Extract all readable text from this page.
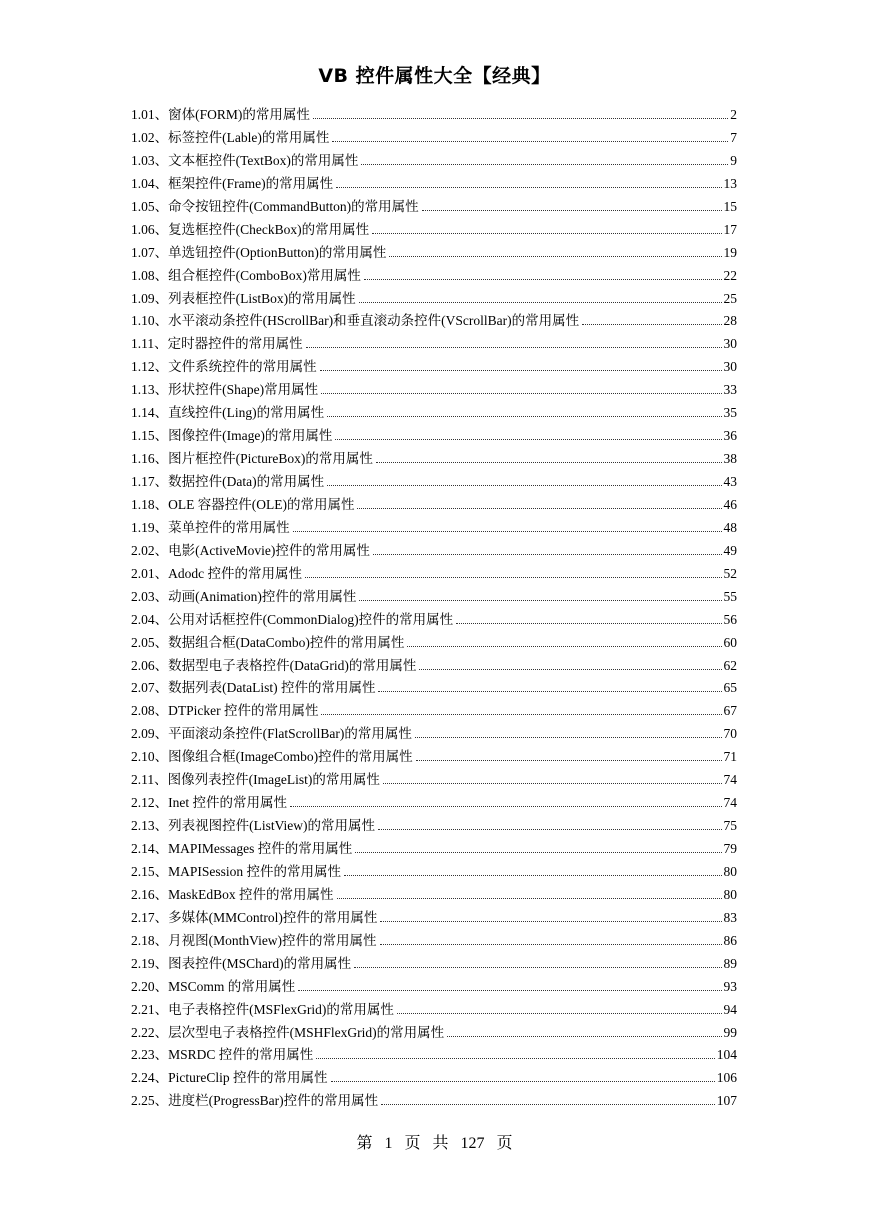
VB 控件属性大全【经典】
1.01、窗体(FORM)的常用属性	2
1.02、标签控件(Lable)的常用属性	7
1.03、文本框控件(TextBox)的常用属性	9
1.04、框架控件(Frame)的常用属性	13
1.05、命令按钮控件(CommandButton)的常用属性	15
1.06、复选框控件(CheckBox)的常用属性	17
1.07、单选钮控件(OptionButton)的常用属性	19
1.08、组合框控件(ComboBox)常用属性	22
1.09、列表框控件(ListBox)的常用属性	25
1.10、水平滚动条控件(HScrollBar)和垂直滚动条控件(VScrollBar)的常用属性	28
1.11、定时器控件的常用属性	30
1.12、文件系统控件的常用属性	30
1.13、形状控件(Shape)常用属性	33
1.14、直线控件(Ling)的常用属性	35
1.15、图像控件(Image)的常用属性	36
1.16、图片框控件(PictureBox)的常用属性	38
1.17、数据控件(Data)的常用属性	43
1.18、OLE 容器控件(OLE)的常用属性	46
1.19、菜单控件的常用属性	48
2.02、电影(ActiveMovie)控件的常用属性	49
2.01、Adodc 控件的常用属性	52
2.03、动画(Animation)控件的常用属性	55
2.04、公用对话框控件(CommonDialog)控件的常用属性	56
2.05、数据组合框(DataCombo)控件的常用属性	60
2.06、数据型电子表格控件(DataGrid)的常用属性	62
2.07、数据列表(DataList) 控件的常用属性	65
2.08、DTPicker 控件的常用属性	67
2.09、平面滚动条控件(FlatScrollBar)的常用属性	70
2.10、图像组合框(ImageCombo)控件的常用属性	71
2.11、图像列表控件(ImageList)的常用属性	74
2.12、Inet 控件的常用属性	74
2.13、列表视图控件(ListView)的常用属性	75
2.14、MAPIMessages 控件的常用属性	79
2.15、MAPISession 控件的常用属性	80
2.16、MaskEdBox 控件的常用属性	80
2.17、多媒体(MMControl)控件的常用属性	83
2.18、月视图(MonthView)控件的常用属性	86
2.19、图表控件(MSChard)的常用属性	89
2.20、MSComm 的常用属性	93
2.21、电子表格控件(MSFlexGrid)的常用属性	94
2.22、层次型电子表格控件(MSHFlexGrid)的常用属性	99
2.23、MSRDC 控件的常用属性	104
2.24、PictureClip 控件的常用属性	106
2.25、进度栏(ProgressBar)控件的常用属性	107
第 1 页 共 127 页
